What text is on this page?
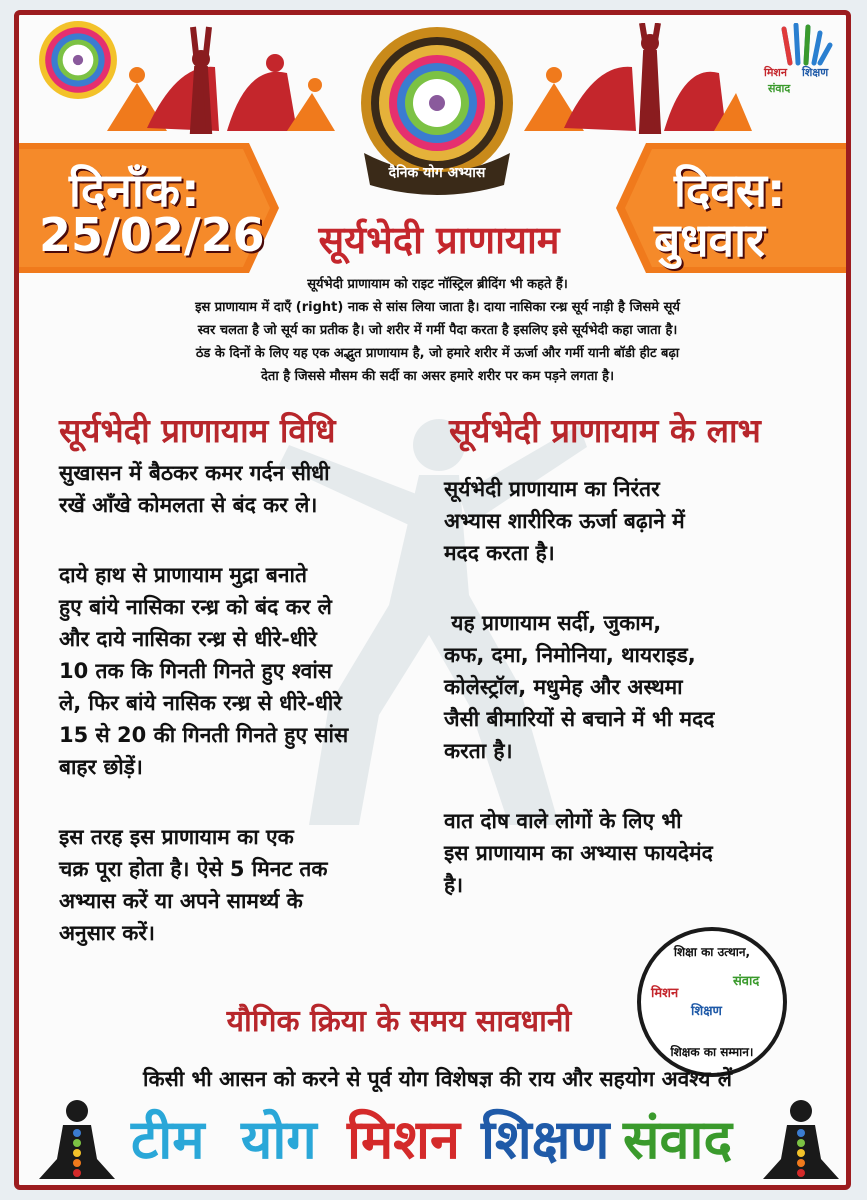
मिशन शिक्षण
संवाद
दिनाँक:
25/02/26
दिवस:
बुधवार
दैनिक योग अभ्यास
सूर्यभेदी प्राणायाम
सूर्यभेदी प्राणायाम को राइट नॉस्ट्रिल ब्रीदिंग भी कहते हैं।
इस प्राणायाम में दाएँ (right) नाक से सांस लिया जाता है। दाया नासिका रन्ध्र सूर्य नाड़ी है जिसमे सूर्य
स्वर चलता है जो सूर्य का प्रतीक है। जो शरीर में गर्मी पैदा करता है इसलिए इसे सूर्यभेदी कहा जाता है।
ठंड के दिनों के लिए यह एक अद्भुत प्राणायाम है, जो हमारे शरीर में ऊर्जा और गर्मी यानी बॉडी हीट बढ़ा
देता है जिससे मौसम की सर्दी का असर हमारे शरीर पर कम पड़ने लगता है।
सूर्यभेदी प्राणायाम विधि	सूर्यभेदी प्राणायाम के लाभ

सुखासन में बैठकर कमर गर्दन सीधी
रखें आँखे कोमलता से बंद कर ले।

दाये हाथ से प्राणायाम मुद्रा बनाते
हुए बांये नासिका रन्ध्र को बंद कर ले
और दाये नासिका रन्ध्र से धीरे-धीरे
10 तक कि गिनती गिनते हुए श्वांस
ले, फिर बांये नासिक रन्ध्र से धीरे-धीरे
15 से 20 की गिनती गिनते हुए सांस
बाहर छोड़ें।

इस तरह इस प्राणायाम का एक
चक्र पूरा होता है। ऐसे 5 मिनट तक
अभ्यास करें या अपने सामर्थ्य के
अनुसार करें।

सूर्यभेदी प्राणायाम का निरंतर
अभ्यास शारीरिक ऊर्जा बढ़ाने में
मदद करता है।

यह प्राणायाम सर्दी, जुकाम,
कफ, दमा, निमोनिया, थायराइड,
कोलेस्ट्रॉल, मधुमेह और अस्थमा
जैसी बीमारियों से बचाने में भी मदद
करता है।

वात दोष वाले लोगों के लिए भी
इस प्राणायाम का अभ्यास फायदेमंद
है।

शिक्षा का उत्थान,
मिशन
शिक्षण
संवाद
शिक्षक का सम्मान।
यौगिक क्रिया के समय सावधानी
किसी भी आसन को करने से पूर्व योग विशेषज्ञ की राय और सहयोग अवश्य लें
टीम योग मिशन शिक्षण संवाद
